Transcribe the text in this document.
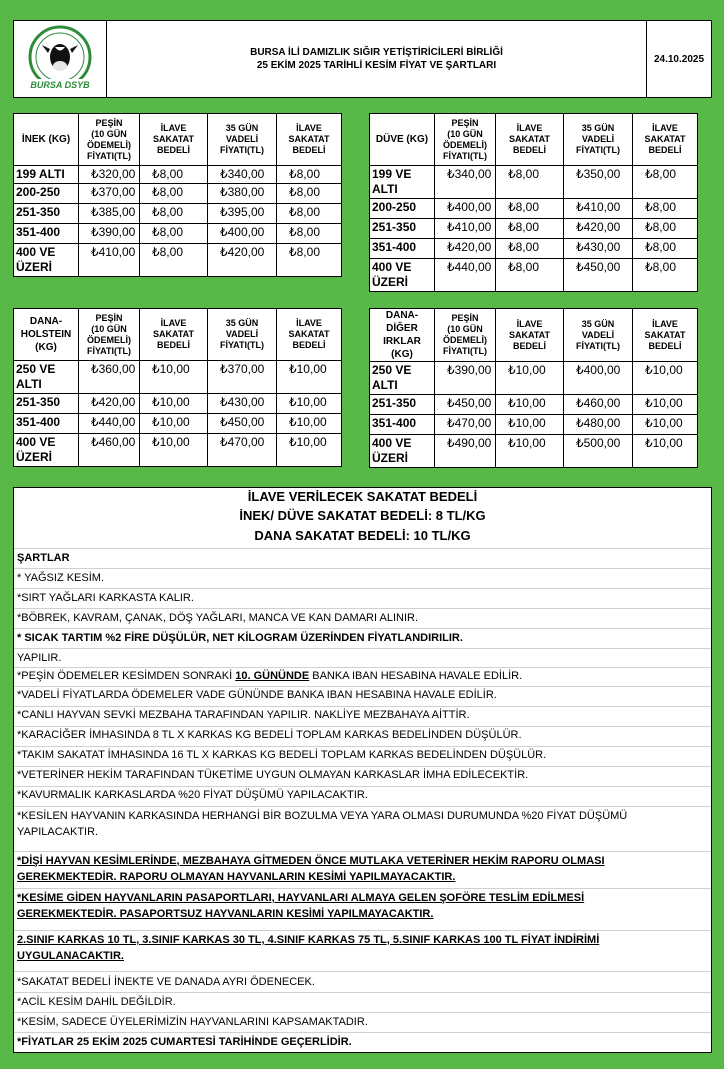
BURSA DSYB
BURSA İLİ DAMIZLIK SIĞIR YETİŞTİRİCİLERİ BİRLİĞİ
25 EKİM 2025 TARİHLİ KESİM FİYAT VE ŞARTLARI
24.10.2025
İNEK (KG)	PEŞİN
(10 GÜN
ÖDEMELİ)
FİYATI(TL)	İLAVE
SAKATAT
BEDELİ	35 GÜN
VADELİ
FİYATI(TL)	İLAVE
SAKATAT
BEDELİ
199 ALTI	₺320,00	₺8,00	₺340,00	₺8,00
200-250	₺370,00	₺8,00	₺380,00	₺8,00
251-350	₺385,00	₺8,00	₺395,00	₺8,00
351-400	₺390,00	₺8,00	₺400,00	₺8,00
400 VE ÜZERİ	₺410,00	₺8,00	₺420,00	₺8,00
DÜVE (KG)	PEŞİN
(10 GÜN
ÖDEMELİ)
FİYATI(TL)	İLAVE
SAKATAT
BEDELİ	35 GÜN
VADELİ
FİYATI(TL)	İLAVE
SAKATAT
BEDELİ
199 VE ALTI	₺340,00	₺8,00	₺350,00	₺8,00
200-250	₺400,00	₺8,00	₺410,00	₺8,00
251-350	₺410,00	₺8,00	₺420,00	₺8,00
351-400	₺420,00	₺8,00	₺430,00	₺8,00
400 VE ÜZERİ	₺440,00	₺8,00	₺450,00	₺8,00
DANA-
HOLSTEIN
(KG)	PEŞİN
(10 GÜN
ÖDEMELİ)
FİYATI(TL)	İLAVE
SAKATAT
BEDELİ	35 GÜN
VADELİ
FİYATI(TL)	İLAVE
SAKATAT
BEDELİ
250 VE ALTI	₺360,00	₺10,00	₺370,00	₺10,00
251-350	₺420,00	₺10,00	₺430,00	₺10,00
351-400	₺440,00	₺10,00	₺450,00	₺10,00
400 VE ÜZERİ	₺460,00	₺10,00	₺470,00	₺10,00
DANA-DİĞER
IRKLAR (KG)	PEŞİN
(10 GÜN
ÖDEMELİ)
FİYATI(TL)	İLAVE
SAKATAT
BEDELİ	35 GÜN
VADELİ
FİYATI(TL)	İLAVE
SAKATAT
BEDELİ
250 VE ALTI	₺390,00	₺10,00	₺400,00	₺10,00
251-350	₺450,00	₺10,00	₺460,00	₺10,00
351-400	₺470,00	₺10,00	₺480,00	₺10,00
400 VE ÜZERİ	₺490,00	₺10,00	₺500,00	₺10,00
İLAVE VERİLECEK SAKATAT BEDELİ
İNEK/ DÜVE SAKATAT BEDELİ: 8 TL/KG
DANA SAKATAT BEDELİ: 10 TL/KG
ŞARTLAR
* YAĞSIZ KESİM.
*SIRT YAĞLARI KARKASTA KALIR.
*BÖBREK, KAVRAM, ÇANAK, DÖŞ YAĞLARI, MANCA VE KAN DAMARI ALINIR.
* SICAK TARTIM %2 FİRE DÜŞÜLÜR, NET KİLOGRAM ÜZERİNDEN FİYATLANDIRILIR.
YAPILIR.
*PEŞİN ÖDEMELER KESİMDEN SONRAKİ 10. GÜNÜNDE BANKA IBAN HESABINA HAVALE EDİLİR.
*VADELİ FİYATLARDA ÖDEMELER VADE GÜNÜNDE BANKA IBAN HESABINA HAVALE EDİLİR.
*CANLI HAYVAN SEVKİ MEZBAHA TARAFINDAN YAPILIR. NAKLİYE MEZBAHAYA AİTTİR.
*KARACİĞER İMHASINDA 8 TL X KARKAS KG BEDELİ TOPLAM KARKAS BEDELİNDEN DÜŞÜLÜR.
*TAKIM SAKATAT İMHASINDA 16 TL X KARKAS KG BEDELİ TOPLAM KARKAS BEDELİNDEN DÜŞÜLÜR.
*VETERİNER HEKİM TARAFINDAN TÜKETİME UYGUN OLMAYAN KARKASLAR İMHA EDİLECEKTİR.
*KAVURMALIK KARKASLARDA %20 FİYAT DÜŞÜMÜ YAPILACAKTIR.
*KESİLEN HAYVANIN KARKASINDA HERHANGİ BİR BOZULMA VEYA YARA OLMASI DURUMUNDA %20 FİYAT DÜŞÜMÜ YAPILACAKTIR.
*DİŞİ HAYVAN KESİMLERİNDE, MEZBAHAYA GİTMEDEN ÖNCE MUTLAKA VETERİNER HEKİM RAPORU OLMASI GEREKMEKTEDİR. RAPORU OLMAYAN HAYVANLARIN KESİMİ YAPILMAYACAKTIR.
*KESİME GİDEN HAYVANLARIN PASAPORTLARI, HAYVANLARI ALMAYA GELEN ŞOFÖRE TESLİM EDİLMESİ GEREKMEKTEDİR. PASAPORTSUZ HAYVANLARIN KESİMİ YAPILMAYACAKTIR.
2.SINIF KARKAS 10 TL, 3.SINIF KARKAS 30 TL, 4.SINIF KARKAS 75 TL, 5.SINIF KARKAS 100 TL FİYAT İNDİRİMİ UYGULANACAKTIR.
*SAKATAT BEDELİ İNEKTE VE DANADA AYRI ÖDENECEK.
*ACİL KESİM DAHİL DEĞİLDİR.
*KESİM, SADECE ÜYELERİMİZİN HAYVANLARINI KAPSAMAKTADIR.
*FİYATLAR 25 EKİM 2025 CUMARTESİ TARİHİNDE GEÇERLİDİR.
